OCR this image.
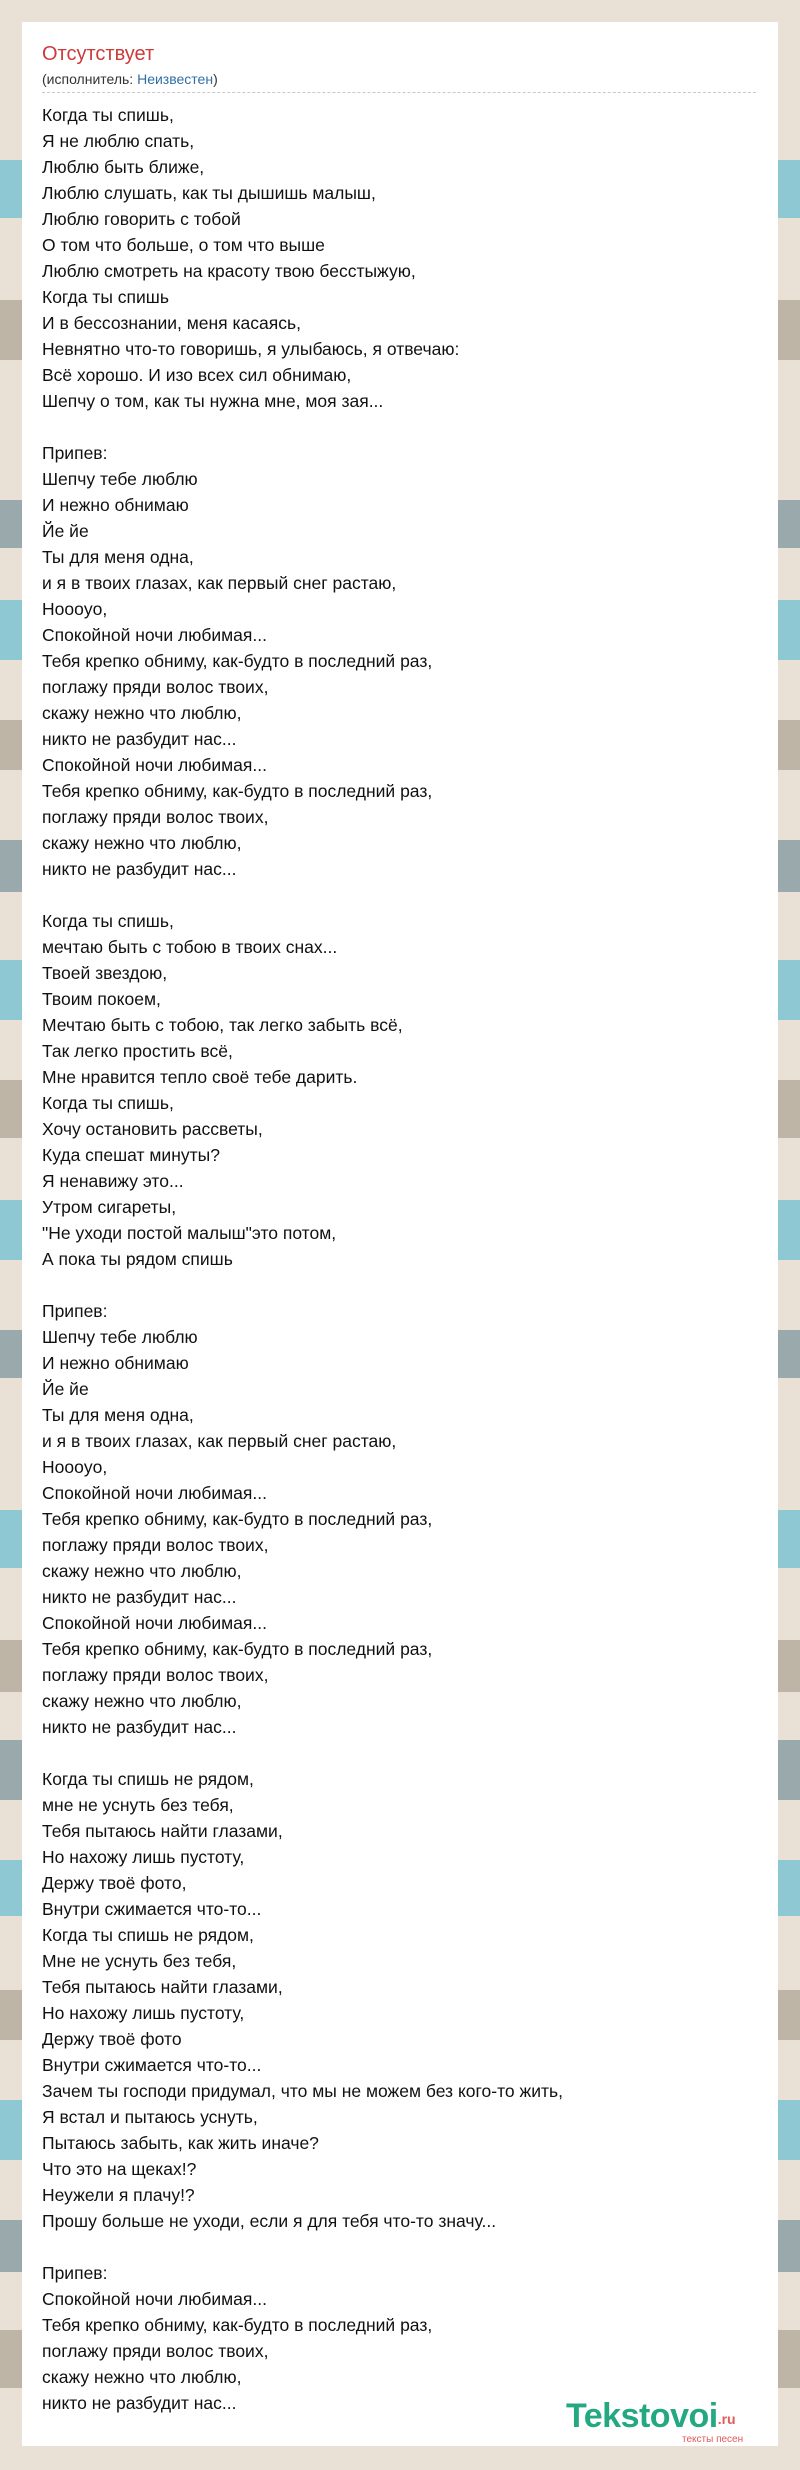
Отсутствует
(исполнитель: Неизвестен)
Когда ты спишь,
Я не люблю спать,
Люблю быть ближе,
Люблю слушать, как ты дышишь малыш,
Люблю говорить с тобой
О том что больше, о том что выше
Люблю смотреть на красоту твою бесстыжую,
Когда ты спишь
И в бессознании, меня касаясь,
Невнятно что-то говоришь, я улыбаюсь, я отвечаю:
Всё хорошо. И изо всех сил обнимаю,
Шепчу о том, как ты нужна мне, моя зая...
Припев:
Шепчу тебе люблю
И нежно обнимаю
Йе йе
Ты для меня одна,
и я в твоих глазах, как первый снег растаю,
Нoooуo,
Спокойной ночи любимая...
Тебя крепко обниму, как-будто в последний раз,
поглажу пряди волос твоих,
скажу нежно что люблю,
никто не разбудит нас...
Спокойной ночи любимая...
Тебя крепко обниму, как-будто в последний раз,
поглажу пряди волос твоих,
скажу нежно что люблю,
никто не разбудит нас...
Когда ты спишь,
мечтаю быть с тобою в твоих снах...
Твоей звездою,
Твоим покоем,
Мечтаю быть с тобою, так легко забыть всё,
Так легко простить всё,
Мне нравится тепло своё тебе дарить.
Когда ты спишь,
Хочу остановить рассветы,
Куда спешат минуты?
Я ненавижу это...
Утром сигареты,
"Не уходи постой малыш"это потом,
А пока ты рядом спишь
Припев:
Шепчу тебе люблю
И нежно обнимаю
Йе йе
Ты для меня одна,
и я в твоих глазах, как первый снег растаю,
Нoooуo,
Спокойной ночи любимая...
Тебя крепко обниму, как-будто в последний раз,
поглажу пряди волос твоих,
скажу нежно что люблю,
никто не разбудит нас...
Спокойной ночи любимая...
Тебя крепко обниму, как-будто в последний раз,
поглажу пряди волос твоих,
скажу нежно что люблю,
никто не разбудит нас...
Когда ты спишь не рядом,
мне не уснуть без тебя,
Тебя пытаюсь найти глазами,
Но нахожу лишь пустоту,
Держу твоё фото,
Внутри сжимается что-то...
Когда ты спишь не рядом,
Мне не уснуть без тебя,
Тебя пытаюсь найти глазами,
Но нахожу лишь пустоту,
Держу твоё фото
Внутри сжимается что-то...
Зачем ты господи придумал, что мы не можем без кого-то жить,
Я встал и пытаюсь уснуть,
Пытаюсь забыть, как жить иначе?
Что это на щеках!?
Неужели я плачу!?
Прошу больше не уходи, если я для тебя что-то значу...
Припев:
Спокойной ночи любимая...
Тебя крепко обниму, как-будто в последний раз,
поглажу пряди волос твоих,
скажу нежно что люблю,
никто не разбудит нас...	Tekstovoi.ru
тексты песен
